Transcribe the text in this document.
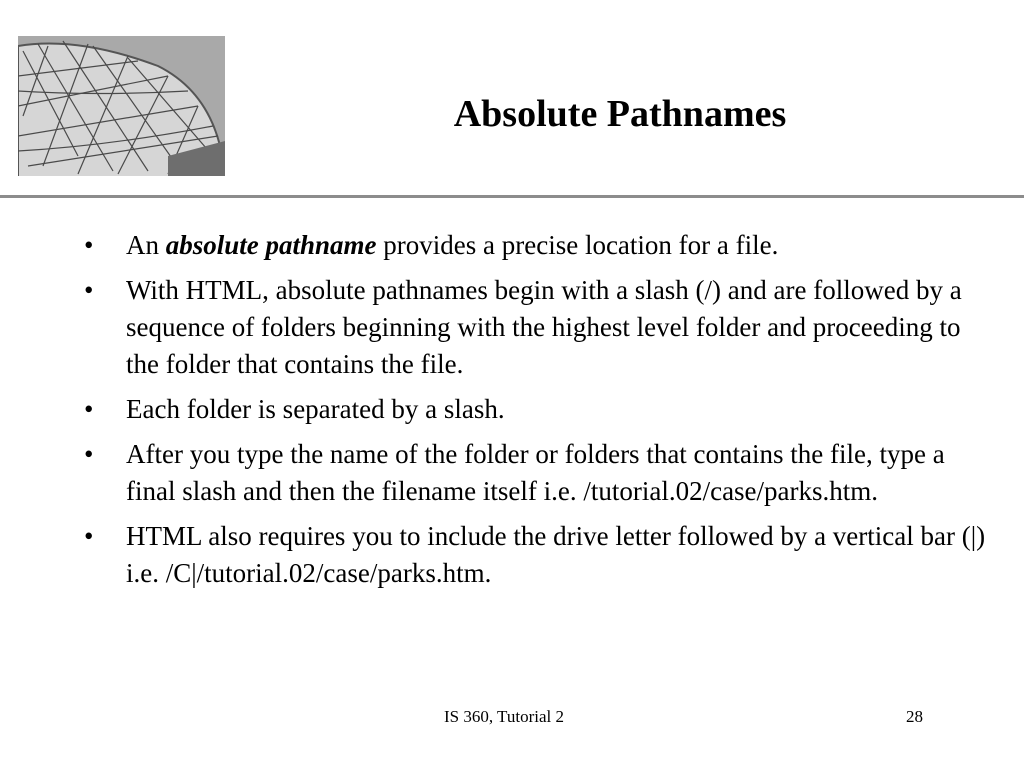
Absolute Pathnames
• An absolute pathname provides a precise location for a file.
• With HTML, absolute pathnames begin with a slash (/) and are followed by a sequence of folders beginning with the highest level folder and proceeding to the folder that contains the file.
• Each folder is separated by a slash.
• After you type the name of the folder or folders that contains the file, type a final slash and then the filename itself i.e. /tutorial.02/case/parks.htm.
• HTML also requires you to include the drive letter followed by a vertical bar (|) i.e. /C|/tutorial.02/case/parks.htm.
IS 360, Tutorial 2	28
